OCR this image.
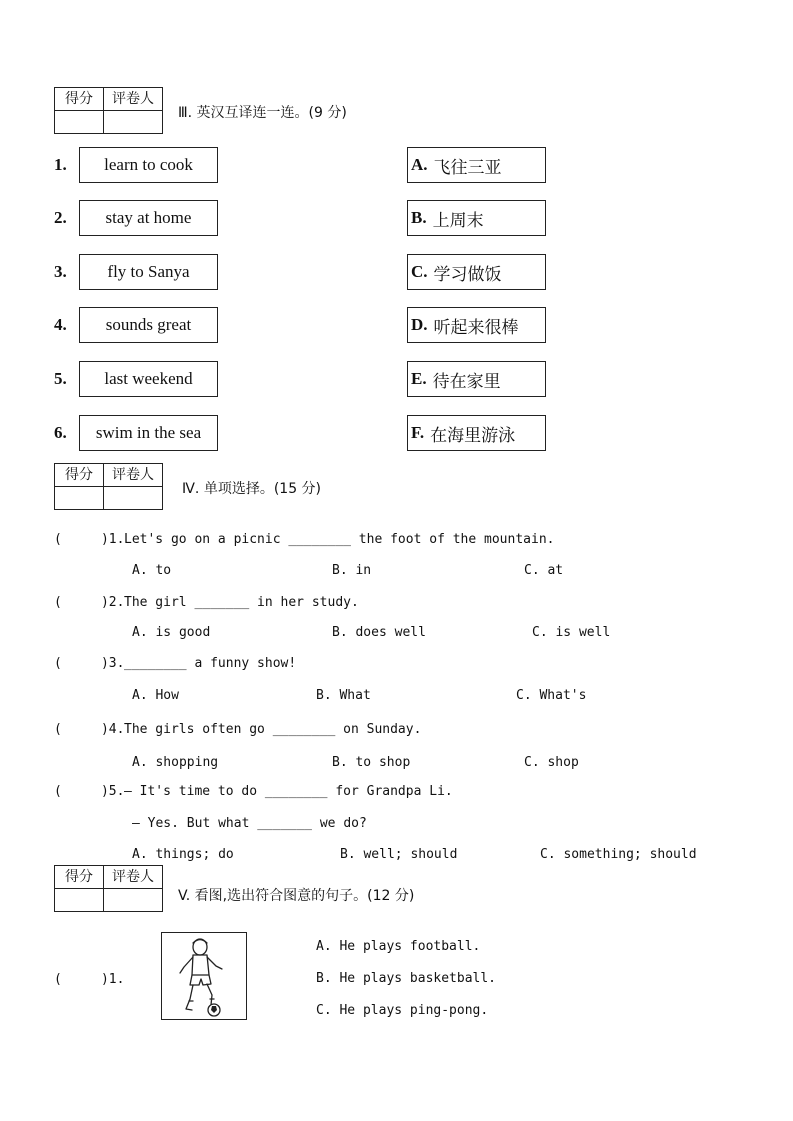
得分	评卷人

Ⅲ. 英汉互译连一连。(9 分)
1. learn to cook	A. 飞往三亚
2. stay at home	B. 上周末
3. fly to Sanya	C. 学习做饭
4. sounds great	D. 听起来很棒
5. last weekend	E. 待在家里
6. swim in the sea	F. 在海里游泳
得分	评卷人

Ⅳ. 单项选择。(15 分)
(     )1. Let's go on a picnic ________ the foot of the mountain.
A. to	B. in	C. at
(     )2. The girl _______ in her study.
A. is good	B. does well	C. is well
(     )3. ________ a funny show!
A. How	B. What	C. What's
(     )4. The girls often go ________ on Sunday.
A. shopping	B. to shop	C. shop
(     )5. — It's time to do ________ for Grandpa Li.
— Yes. But what _______ we do?
A. things; do	B. well; should	C. something; should
得分	评卷人

V. 看图,选出符合图意的句子。(12 分)
(     )1.
A. He plays football.
B. He plays basketball.
C. He plays ping-pong.
